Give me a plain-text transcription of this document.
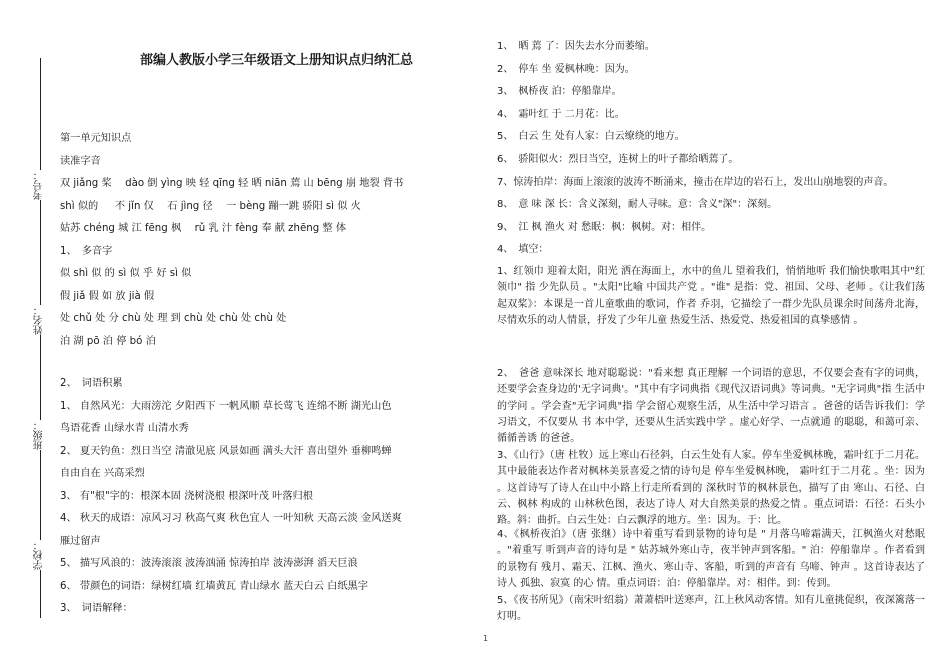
考号：
姓名：
班级：
学校：
部编人教版小学三年级语文上册知识点归纳汇总
第一单元知识点
读准字音
双 jiǎng 桨　 dào 倒 yìng 映 轻 qīng 轻 晒 niān 蔫 山 bēng 崩 地裂 背书
shì 似的 　 不 jǐn 仅 　石 jìng 径 　一 bèng 蹦一跳 骄阳 sì 似 火
姑苏 chéng 城 江 fēng 枫 　rǔ 乳 汁 fèng 奉 献 zhēng 整 体
1、　多音字
似 shì 似 的 sì 似 乎 好 sì 似
假 jiǎ 假 如 放 jià 假
处 chǔ 处 分 chù 处 理 到 chù 处 chù 处 chù 处
泊 湖 pō 泊 停 bó 泊
2、　词语积累
1、 自然风光：大雨滂沱 夕阳西下 一帆风顺 草长莺飞 连绵不断 湖光山色
鸟语花香 山绿水青 山清水秀
2、 夏天钓鱼：烈日当空 清澈见底 风景如画 满头大汗 喜出望外 垂柳鸣蝉
自由自在 兴高采烈
3、 有"根"字的：根深本固 浇树浇根 根深叶茂 叶落归根
4、 秋天的成语：凉风习习 秋高气爽 秋色宜人 一叶知秋 天高云淡 金风送爽
雁过留声
5、 描写风浪的：波涛滚滚 波涛汹涌 惊涛拍岸 波涛澎湃 滔天巨浪
6、 带颜色的词语：绿树红墙 红墙黄瓦 青山绿水 蓝天白云 白纸黑字
3、　词语解释：
1、　晒 蔫 了：因失去水分而萎缩。
2、　停车 坐 爱枫林晚：因为。
3、　枫桥夜 泊：停船靠岸。
4、　霜叶红 于 二月花：比。
5、　白云 生 处有人家：白云缭绕的地方。
6、　骄阳似火：烈日当空，连树上的叶子都给晒蔫了。
7、惊涛拍岸：海面上滚滚的波涛不断涌来，撞击在岸边的岩石上，发出山崩地裂的声音。
8、　意 味 深 长：含义深刻，耐人寻味。意：含义"深"：深刻。
9、　江 枫 渔火 对 愁眠：枫：枫树。对：相伴。
4、　填空：
1、红领巾 迎着太阳，阳光 洒在海面上，水中的鱼儿 望着我们，悄悄地听 我们愉快歌唱其中"红领巾" 指 少先队员 。"太阳"比喻 中国共产党 。"谁" 是指：党、祖国、父母、老师 。《让我们荡起双桨》：本课是一首儿童歌曲的歌词，作者 乔羽，它描绘了一群少先队员课余时间荡舟北海，尽情欢乐的动人情景，抒发了少年儿童 热爱生活、热爱党、热爱祖国的真挚感情 。
2、　爸爸 意味深长 地对聪聪说："看来想 真正理解 一个词语的意思，不仅要会查有字的词典，还要学会查身边的'无字词典'。"其中有字词典指《现代汉语词典》等词典。"无字词典"指 生活中的学问 。学会查"无字词典"指 学会留心观察生活，从生活中学习语言 。爸爸的话告诉我们：学习语文，不仅要从 书 本中学，还要从生活实践中学 。虚心好学、一点就通 的聪聪，和蔼可亲、循循善诱 的爸爸。
3、《山行》（唐 杜牧）远上寒山石径斜，白云生处有人家。停车坐爱枫林晚，霜叶红于二月花。 其中最能表达作者对枫林美景喜爱之情的诗句是 停车坐爱枫林晚， 霜叶红于二月花 。坐：因为 。这首诗写了诗人在山中小路上行走所看到的 深秋时节的枫林景色，描写了由 寒山、石径、白云、枫林 构成的 山林秋色图，表达了诗人 对大自然美景的热爱之情 。重点词语：石径：石头小路。斜：曲折。白云生处：白云飘浮的地方。坐：因为。于：比。
4、《枫桥夜泊》（唐 张继）诗中着重写看到景物的诗句是 " 月落乌啼霜满天，江枫渔火对愁眠 。"着重写 听到声音的诗句是 " 姑苏城外寒山寺，夜半钟声到客船。" 泊：停船靠岸 。作者看到的景物有 残月、霜天、江枫、渔火、寒山寺、客船，听到的声音有 乌啼、钟声 。这首诗表达了诗人 孤独、寂寞 的心 情。重点词语：泊：停船靠岸。对：相伴。到：传到。
5、《夜书所见》（南宋叶绍翁）萧萧梧叶送寒声，江上秋风动客情。知有儿童挑促织，夜深篱落一灯明。
1
